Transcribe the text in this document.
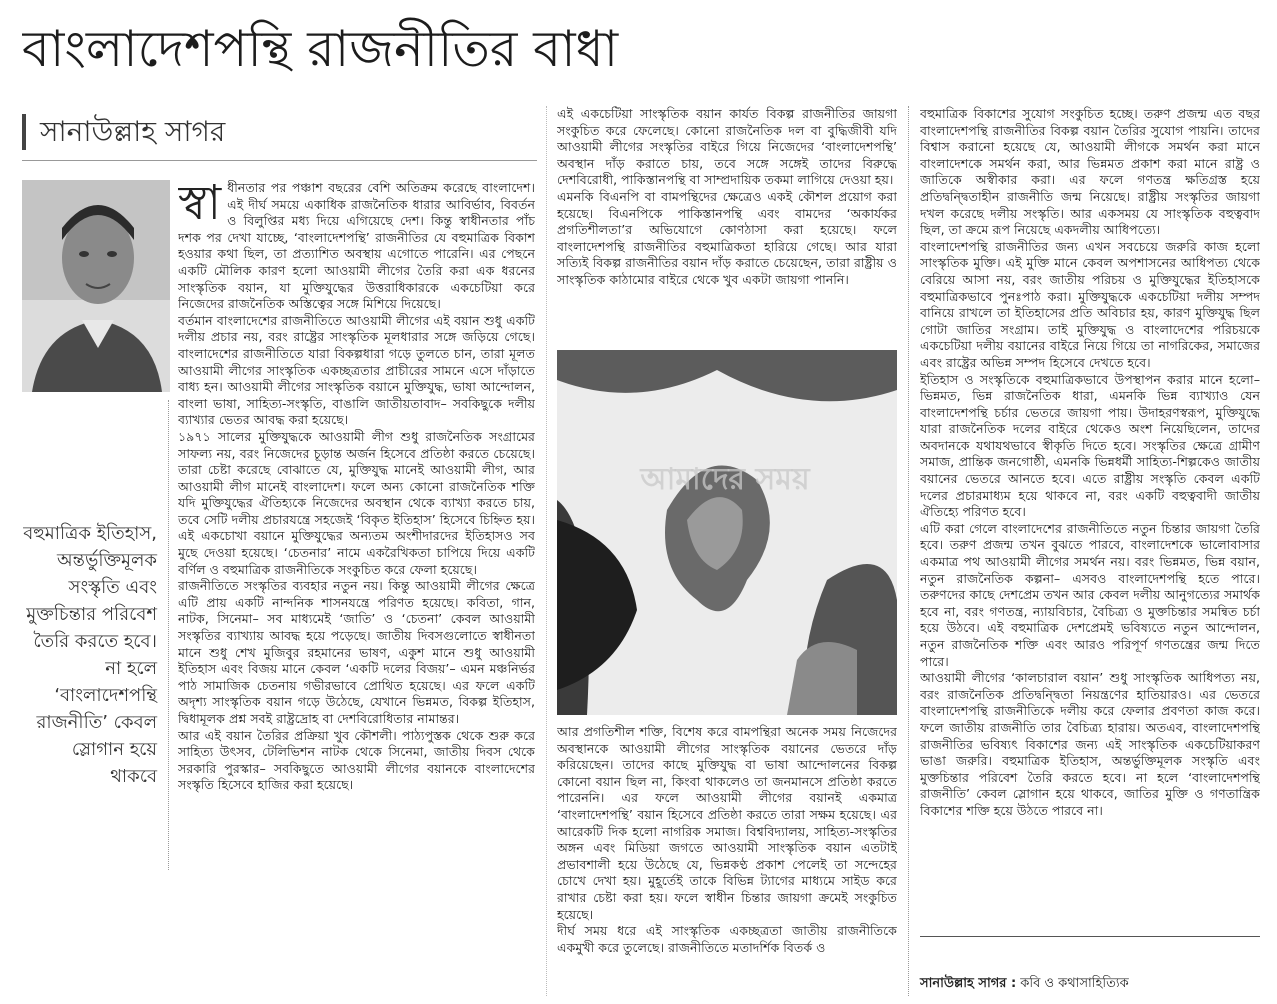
বাংলাদেশপন্থি রাজনীতির বাধা
সানাউল্লাহ সাগর
বহুমাত্রিক ইতিহাস, অন্তর্ভুক্তিমূলক সংস্কৃতি এবং মুক্তচিন্তার পরিবেশ তৈরি করতে হবে। না হলে ‘বাংলাদেশপন্থি রাজনীতি’ কেবল স্লোগান হয়ে থাকবে
স্বা ধীনতার পর পঞ্চাশ বছরের বেশি অতিক্রম করেছে বাংলাদেশ। এই দীর্ঘ সময়ে একাধিক রাজনৈতিক ধারার আবির্ভাব, বিবর্তন ও বিলুপ্তির মধ্য দিয়ে এগিয়েছে দেশ। কিন্তু স্বাধীনতার পাঁচ দশক পর দেখা যাচ্ছে, ‘বাংলাদেশপন্থি’ রাজনীতির যে বহুমাত্রিক বিকাশ হওয়ার কথা ছিল, তা প্রত্যাশিত অবস্থায় এগোতে পারেনি। এর পেছনে একটি মৌলিক কারণ হলো আওয়ামী লীগের তৈরি করা এক ধরনের সাংস্কৃতিক বয়ান, যা মুক্তিযুদ্ধের উত্তরাধিকারকে একচেটিয়া করে নিজেদের রাজনৈতিক অস্তিত্বের সঙ্গে মিশিয়ে দিয়েছে।

বর্তমান বাংলাদেশের রাজনীতিতে আওয়ামী লীগের এই বয়ান শুধু একটি দলীয় প্রচার নয়, বরং রাষ্ট্রের সাংস্কৃতিক মূলধারার সঙ্গে জড়িয়ে গেছে। বাংলাদেশের রাজনীতিতে যারা বিকল্পধারা গড়ে তুলতে চান, তারা মূলত আওয়ামী লীগের সাংস্কৃতিক একচ্ছত্রতার প্রাচীরের সামনে এসে দাঁড়াতে বাধ্য হন। আওয়ামী লীগের সাংস্কৃতিক বয়ানে মুক্তিযুদ্ধ, ভাষা আন্দোলন, বাংলা ভাষা, সাহিত্য-সংস্কৃতি, বাঙালি জাতীয়তাবাদ– সবকিছুকে দলীয় ব্যাখ্যার ভেতর আবদ্ধ করা হয়েছে।

১৯৭১ সালের মুক্তিযুদ্ধকে আওয়ামী লীগ শুধু রাজনৈতিক সংগ্রামের সাফল্য নয়, বরং নিজেদের চূড়ান্ত অর্জন হিসেবে প্রতিষ্ঠা করতে চেয়েছে। তারা চেষ্টা করেছে বোঝাতে যে, মুক্তিযুদ্ধ মানেই আওয়ামী লীগ, আর আওয়ামী লীগ মানেই বাংলাদেশ। ফলে অন্য কোনো রাজনৈতিক শক্তি যদি মুক্তিযুদ্ধের ঐতিহ্যকে নিজেদের অবস্থান থেকে ব্যাখ্যা করতে চায়, তবে সেটি দলীয় প্রচারযন্ত্রে সহজেই ‘বিকৃত ইতিহাস’ হিসেবে চিহ্নিত হয়। এই একচোখা বয়ানে মুক্তিযুদ্ধের অন্যতম অংশীদারদের ইতিহাসও সব মুছে দেওয়া হয়েছে। ‘চেতনার’ নামে একরৈখিকতা চাপিয়ে দিয়ে একটি বর্ণিল ও বহুমাত্রিক রাজনীতিকে সংকুচিত করে ফেলা হয়েছে।

রাজনীতিতে সংস্কৃতির ব্যবহার নতুন নয়। কিন্তু আওয়ামী লীগের ক্ষেত্রে এটি প্রায় একটি নান্দনিক শাসনযন্ত্রে পরিণত হয়েছে। কবিতা, গান, নাটক, সিনেমা– সব মাধ্যমেই ‘জাতি’ ও ‘চেতনা’ কেবল আওয়ামী সংস্কৃতির ব্যাখ্যায় আবদ্ধ হয়ে পড়েছে। জাতীয় দিবসগুলোতে স্বাধীনতা মানে শুধু শেখ মুজিবুর রহমানের ভাষণ, একুশ মানে শুধু আওয়ামী ইতিহাস এবং বিজয় মানে কেবল ‘একটি দলের বিজয়’– এমন মঞ্চনির্ভর পাঠ সামাজিক চেতনায় গভীরভাবে প্রোথিত হয়েছে। এর ফলে একটি অদৃশ্য সাংস্কৃতিক বয়ান গড়ে উঠেছে, যেখানে ভিন্নমত, বিকল্প ইতিহাস, দ্বিধামূলক প্রশ্ন সবই রাষ্ট্রদ্রোহ বা দেশবিরোধিতার নামান্তর।

আর এই বয়ান তৈরির প্রক্রিয়া খুব কৌশলী। পাঠ্যপুস্তক থেকে শুরু করে সাহিত্য উৎসব, টেলিভিশন নাটক থেকে সিনেমা, জাতীয় দিবস থেকে সরকারি পুরস্কার– সবকিছুতে আওয়ামী লীগের বয়ানকে বাংলাদেশের সংস্কৃতি হিসেবে হাজির করা হয়েছে।

এই একচেটিয়া সাংস্কৃতিক বয়ান কার্যত বিকল্প রাজনীতির জায়গা সংকুচিত করে ফেলেছে। কোনো রাজনৈতিক দল বা বুদ্ধিজীবী যদি আওয়ামী লীগের সংস্কৃতির বাইরে গিয়ে নিজেদের ‘বাংলাদেশপন্থি’ অবস্থান দাঁড় করাতে চায়, তবে সঙ্গে সঙ্গেই তাদের বিরুদ্ধে দেশবিরোধী, পাকিস্তানপন্থি বা সাম্প্রদায়িক তকমা লাগিয়ে দেওয়া হয়।

এমনকি বিএনপি বা বামপন্থিদের ক্ষেত্রেও একই কৌশল প্রয়োগ করা হয়েছে। বিএনপিকে পাকিস্তানপন্থি এবং বামদের ‘অকার্যকর প্রগতিশীলতা’র অভিযোগে কোণঠাসা করা হয়েছে। ফলে বাংলাদেশপন্থি রাজনীতির বহুমাত্রিকতা হারিয়ে গেছে। আর যারা সত্যিই বিকল্প রাজনীতির বয়ান দাঁড় করাতে চেয়েছেন, তারা রাষ্ট্রীয় ও সাংস্কৃতিক কাঠামোর বাইরে থেকে খুব একটা জায়গা পাননি।

আমাদের সময়

আর প্রগতিশীল শক্তি, বিশেষ করে বামপন্থিরা অনেক সময় নিজেদের অবস্থানকে আওয়ামী লীগের সাংস্কৃতিক বয়ানের ভেতরে দাঁড় করিয়েছেন। তাদের কাছে মুক্তিযুদ্ধ বা ভাষা আন্দোলনের বিকল্প কোনো বয়ান ছিল না, কিংবা থাকলেও তা জনমানসে প্রতিষ্ঠা করতে পারেননি। এর ফলে আওয়ামী লীগের বয়ানই একমাত্র ‘বাংলাদেশপন্থি’ বয়ান হিসেবে প্রতিষ্ঠা করতে তারা সক্ষম হয়েছে। এর আরেকটি দিক হলো নাগরিক সমাজ। বিশ্ববিদ্যালয়, সাহিত্য-সংস্কৃতির অঙ্গন এবং মিডিয়া জগতে আওয়ামী সাংস্কৃতিক বয়ান এতটাই প্রভাবশালী হয়ে উঠেছে যে, ভিন্নকণ্ঠ প্রকাশ পেলেই তা সন্দেহের চোখে দেখা হয়। মুহূর্তেই তাকে বিভিন্ন ট্যাগের মাধ্যমে সাইড করে রাখার চেষ্টা করা হয়। ফলে স্বাধীন চিন্তার জায়গা ক্রমেই সংকুচিত হয়েছে।

দীর্ঘ সময় ধরে এই সাংস্কৃতিক একচ্ছত্রতা জাতীয় রাজনীতিকে একমুখী করে তুলেছে। রাজনীতিতে মতাদর্শিক বিতর্ক ও

বহুমাত্রিক বিকাশের সুযোগ সংকুচিত হচ্ছে। তরুণ প্রজন্ম এত বছর বাংলাদেশপন্থি রাজনীতির বিকল্প বয়ান তৈরির সুযোগ পায়নি। তাদের বিশ্বাস করানো হয়েছে যে, আওয়ামী লীগকে সমর্থন করা মানে বাংলাদেশকে সমর্থন করা, আর ভিন্নমত প্রকাশ করা মানে রাষ্ট্র ও জাতিকে অস্বীকার করা। এর ফলে গণতন্ত্র ক্ষতিগ্রস্ত হয়ে প্রতিদ্বন্দ্বিতাহীন রাজনীতি জন্ম নিয়েছে। রাষ্ট্রীয় সংস্কৃতির জায়গা দখল করেছে দলীয় সংস্কৃতি। আর একসময় যে সাংস্কৃতিক বহুত্ববাদ ছিল, তা ক্রমে রূপ নিয়েছে একদলীয় আধিপত্যে।

বাংলাদেশপন্থি রাজনীতির জন্য এখন সবচেয়ে জরুরি কাজ হলো সাংস্কৃতিক মুক্তি। এই মুক্তি মানে কেবল অপশাসনের আধিপত্য থেকে বেরিয়ে আসা নয়, বরং জাতীয় পরিচয় ও মুক্তিযুদ্ধের ইতিহাসকে বহুমাত্রিকভাবে পুনঃপাঠ করা। মুক্তিযুদ্ধকে একচেটিয়া দলীয় সম্পদ বানিয়ে রাখলে তা ইতিহাসের প্রতি অবিচার হয়, কারণ মুক্তিযুদ্ধ ছিল গোটা জাতির সংগ্রাম। তাই মুক্তিযুদ্ধ ও বাংলাদেশের পরিচয়কে একচেটিয়া দলীয় বয়ানের বাইরে নিয়ে গিয়ে তা নাগরিকের, সমাজের এবং রাষ্ট্রের অভিন্ন সম্পদ হিসেবে দেখতে হবে।

ইতিহাস ও সংস্কৃতিকে বহুমাত্রিকভাবে উপস্থাপন করার মানে হলো– ভিন্নমত, ভিন্ন রাজনৈতিক ধারা, এমনকি ভিন্ন ব্যাখ্যাও যেন বাংলাদেশপন্থি চর্চার ভেতরে জায়গা পায়। উদাহরণস্বরূপ, মুক্তিযুদ্ধে যারা রাজনৈতিক দলের বাইরে থেকেও অংশ নিয়েছিলেন, তাদের অবদানকে যথাযথভাবে স্বীকৃতি দিতে হবে। সংস্কৃতির ক্ষেত্রে গ্রামীণ সমাজ, প্রান্তিক জনগোষ্ঠী, এমনকি ভিন্নধর্মী সাহিত্য-শিল্পকেও জাতীয় বয়ানের ভেতরে আনতে হবে। এতে রাষ্ট্রীয় সংস্কৃতি কেবল একটি দলের প্রচারমাধ্যম হয়ে থাকবে না, বরং একটি বহুত্ববাদী জাতীয় ঐতিহ্যে পরিণত হবে।

এটি করা গেলে বাংলাদেশের রাজনীতিতে নতুন চিন্তার জায়গা তৈরি হবে। তরুণ প্রজন্ম তখন বুঝতে পারবে, বাংলাদেশকে ভালোবাসার একমাত্র পথ আওয়ামী লীগের সমর্থন নয়। বরং ভিন্নমত, ভিন্ন বয়ান, নতুন রাজনৈতিক কল্পনা– এসবও বাংলাদেশপন্থি হতে পারে। তরুণদের কাছে দেশপ্রেম তখন আর কেবল দলীয় আনুগত্যের সমার্থক হবে না, বরং গণতন্ত্র, ন্যায়বিচার, বৈচিত্র্য ও মুক্তচিন্তার সমন্বিত চর্চা হয়ে উঠবে। এই বহুমাত্রিক দেশপ্রেমই ভবিষ্যতে নতুন আন্দোলন, নতুন রাজনৈতিক শক্তি এবং আরও পরিপূর্ণ গণতন্ত্রের জন্ম দিতে পারে।

আওয়ামী লীগের ‘কালচারাল বয়ান’ শুধু সাংস্কৃতিক আধিপত্য নয়, বরং রাজনৈতিক প্রতিদ্বন্দ্বিতা নিয়ন্ত্রণের হাতিয়ারও। এর ভেতরে বাংলাদেশপন্থি রাজনীতিকে দলীয় করে ফেলার প্রবণতা কাজ করে। ফলে জাতীয় রাজনীতি তার বৈচিত্র্য হারায়। অতএব, বাংলাদেশপন্থি রাজনীতির ভবিষ্যৎ বিকাশের জন্য এই সাংস্কৃতিক একচেটিয়াকরণ ভাঙা জরুরি। বহুমাত্রিক ইতিহাস, অন্তর্ভুক্তিমূলক সংস্কৃতি এবং মুক্তচিন্তার পরিবেশ তৈরি করতে হবে। না হলে ‘বাংলাদেশপন্থি রাজনীতি’ কেবল স্লোগান হয়ে থাকবে, জাতির মুক্তি ও গণতান্ত্রিক বিকাশের শক্তি হয়ে উঠতে পারবে না।

সানাউল্লাহ সাগর : কবি ও কথাসাহিত্যিক
